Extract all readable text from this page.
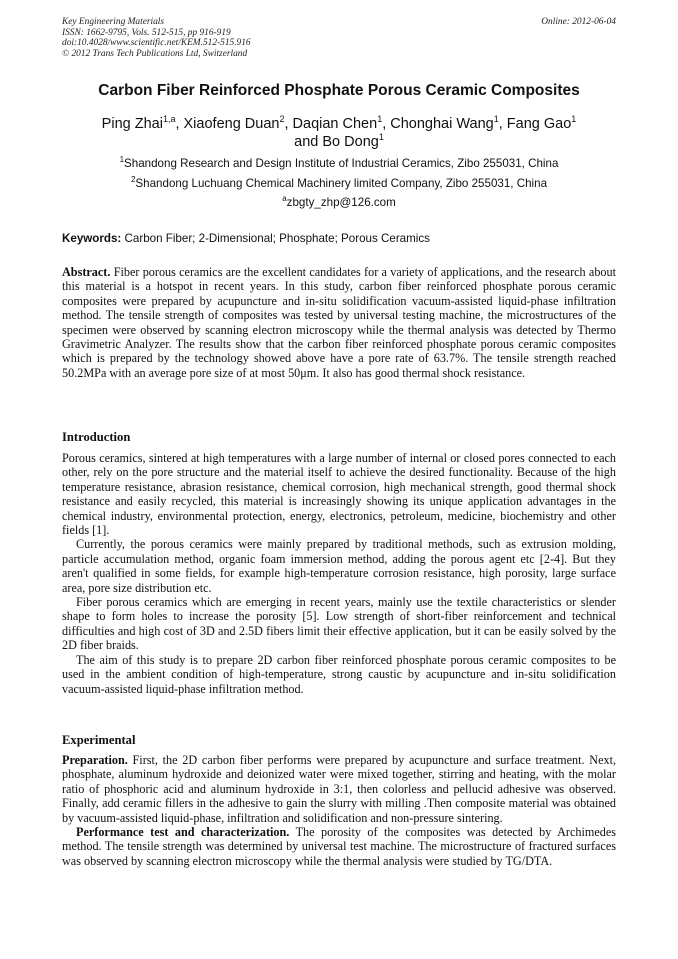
Key Engineering Materials
ISSN: 1662-9795, Vols. 512-515, pp 916-919
doi:10.4028/www.scientific.net/KEM.512-515.916
© 2012 Trans Tech Publications Ltd, Switzerland
Online: 2012-06-04
Carbon Fiber Reinforced Phosphate Porous Ceramic Composites
Ping Zhai$^{1,a}$, Xiaofeng Duan$^2$, Daqian Chen$^1$, Chonghai Wang$^1$, Fang Gao$^1$
and Bo Dong$^1$
$^1$Shandong Research and Design Institute of Industrial Ceramics, Zibo 255031, China
$^2$Shandong Luchuang Chemical Machinery limited Company, Zibo 255031, China
$^a$zbgty_zhp@126.com
Keywords: Carbon Fiber; 2-Dimensional; Phosphate; Porous Ceramics

Abstract. Fiber porous ceramics are the excellent candidates for a variety of applications, and the research about this material is a hotspot in recent years. In this study, carbon fiber reinforced phosphate porous ceramic composites were prepared by acupuncture and in-situ solidification vacuum-assisted liquid-phase infiltration method. The tensile strength of composites was tested by universal testing machine, the microstructures of the specimen were observed by scanning electron microscopy while the thermal analysis was detected by Thermo Gravimetric Analyzer. The results show that the carbon fiber reinforced phosphate porous ceramic composites which is prepared by the technology showed above have a pore rate of 63.7%. The tensile strength reached 50.2MPa with an average pore size of at most 50μm. It also has good thermal shock resistance.

Introduction

Porous ceramics, sintered at high temperatures with a large number of internal or closed pores connected to each other, rely on the pore structure and the material itself to achieve the desired functionality. Because of the high temperature resistance, abrasion resistance, chemical corrosion, high mechanical strength, good thermal shock resistance and easily recycled, this material is increasingly showing its unique application advantages in the chemical industry, environmental protection, energy, electronics, petroleum, medicine, biochemistry and other fields [1].

Currently, the porous ceramics were mainly prepared by traditional methods, such as extrusion molding, particle accumulation method, organic foam immersion method, adding the porous agent etc [2-4]. But they aren't qualified in some fields, for example high-temperature corrosion resistance, high porosity, large surface area, pore size distribution etc.

Fiber porous ceramics which are emerging in recent years, mainly use the textile characteristics or slender shape to form holes to increase the porosity [5]. Low strength of short-fiber reinforcement and technical difficulties and high cost of 3D and 2.5D fibers limit their effective application, but it can be easily solved by the 2D fiber braids.

The aim of this study is to prepare 2D carbon fiber reinforced phosphate porous ceramic composites to be used in the ambient condition of high-temperature, strong caustic by acupuncture and in-situ solidification vacuum-assisted liquid-phase infiltration method.

Experimental

Preparation. First, the 2D carbon fiber performs were prepared by acupuncture and surface treatment. Next, phosphate, aluminum hydroxide and deionized water were mixed together, stirring and heating, with the molar ratio of phosphoric acid and aluminum hydroxide in 3:1, then colorless and pellucid adhesive was observed. Finally, add ceramic fillers in the adhesive to gain the slurry with milling .Then composite material was obtained by vacuum-assisted liquid-phase, infiltration and solidification and non-pressure sintering.

Performance test and characterization. The porosity of the composites was detected by Archimedes method. The tensile strength was determined by universal test machine. The microstructure of fractured surfaces was observed by scanning electron microscopy while the thermal analysis were studied by TG/DTA.
